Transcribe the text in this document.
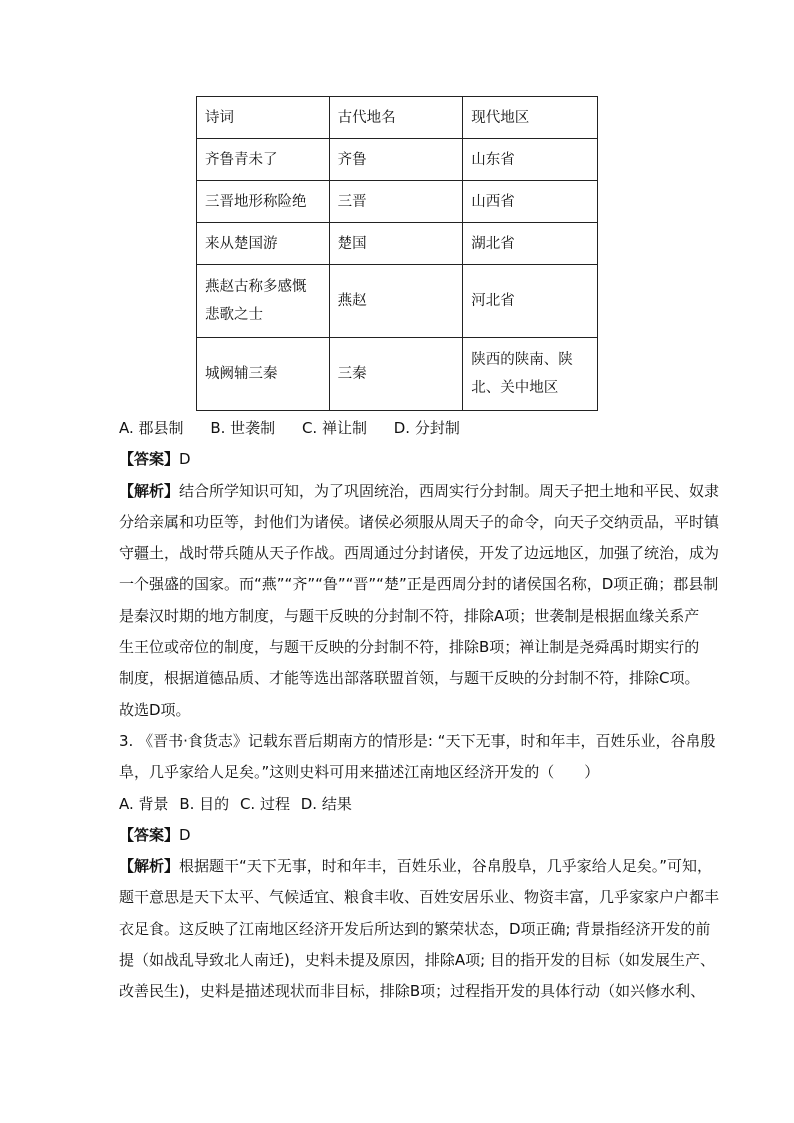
诗词	古代地名	现代地区
齐鲁青未了	齐鲁	山东省
三晋地形称险绝	三晋	山西省
来从楚国游	楚国	湖北省
燕赵古称多感慨悲歌之士	燕赵	河北省
城阙辅三秦	三秦	陕西的陕南、陕北、关中地区
A. 郡县制 B. 世袭制 C. 禅让制 D. 分封制
【答案】D
【解析】结合所学知识可知，为了巩固统治，西周实行分封制。周天子把土地和平民、奴隶
分给亲属和功臣等，封他们为诸侯。诸侯必须服从周天子的命令，向天子交纳贡品，平时镇
守疆土，战时带兵随从天子作战。西周通过分封诸侯，开发了边远地区，加强了统治，成为
一个强盛的国家。而“燕”“齐”“鲁”“晋”“楚”正是西周分封的诸侯国名称，D项正确；郡县制
是秦汉时期的地方制度，与题干反映的分封制不符，排除A项；世袭制是根据血缘关系产
生王位或帝位的制度，与题干反映的分封制不符，排除B项；禅让制是尧舜禹时期实行的
制度，根据道德品质、才能等选出部落联盟首领，与题干反映的分封制不符，排除C项。
故选D项。
3. 《晋书·食货志》记载东晋后期南方的情形是: “天下无事，时和年丰，百姓乐业，谷帛殷
阜，几乎家给人足矣。”这则史料可用来描述江南地区经济开发的（　　）
A. 背景 B. 目的 C. 过程 D. 结果
【答案】D
【解析】根据题干“天下无事，时和年丰，百姓乐业，谷帛殷阜，几乎家给人足矣。”可知，
题干意思是天下太平、气候适宜、粮食丰收、百姓安居乐业、物资丰富，几乎家家户户都丰
衣足食。这反映了江南地区经济开发后所达到的繁荣状态，D项正确; 背景指经济开发的前
提（如战乱导致北人南迁)，史料未提及原因，排除A项; 目的指开发的目标（如发展生产、
改善民生)，史料是描述现状而非目标，排除B项；过程指开发的具体行动（如兴修水利、
